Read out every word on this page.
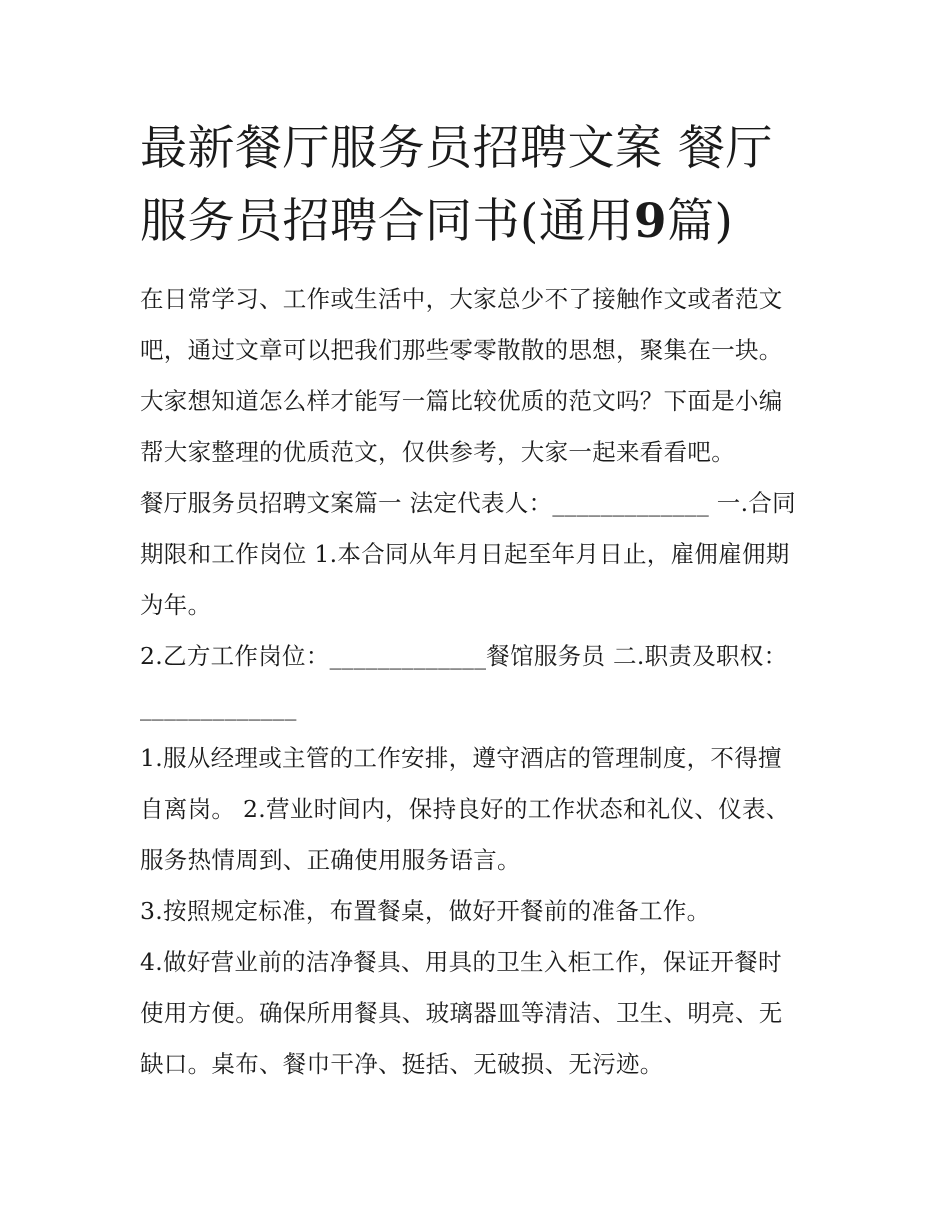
最新餐厅服务员招聘文案 餐厅
服务员招聘合同书(通用9篇)
在日常学习、工作或生活中，大家总少不了接触作文或者范文
吧，通过文章可以把我们那些零零散散的思想，聚集在一块。
大家想知道怎么样才能写一篇比较优质的范文吗？下面是小编
帮大家整理的优质范文，仅供参考，大家一起来看看吧。
餐厅服务员招聘文案篇一 法定代表人：_____________ 一.合同
期限和工作岗位 1.本合同从年月日起至年月日止，雇佣雇佣期
为年。
2.乙方工作岗位：_____________餐馆服务员 二.职责及职权：
_____________
1.服从经理或主管的工作安排，遵守酒店的管理制度，不得擅
自离岗。 2.营业时间内，保持良好的工作状态和礼仪、仪表、
服务热情周到、正确使用服务语言。
3.按照规定标准，布置餐桌，做好开餐前的准备工作。
4.做好营业前的洁净餐具、用具的卫生入柜工作，保证开餐时
使用方便。确保所用餐具、玻璃器皿等清洁、卫生、明亮、无
缺口。桌布、餐巾干净、挺括、无破损、无污迹。
